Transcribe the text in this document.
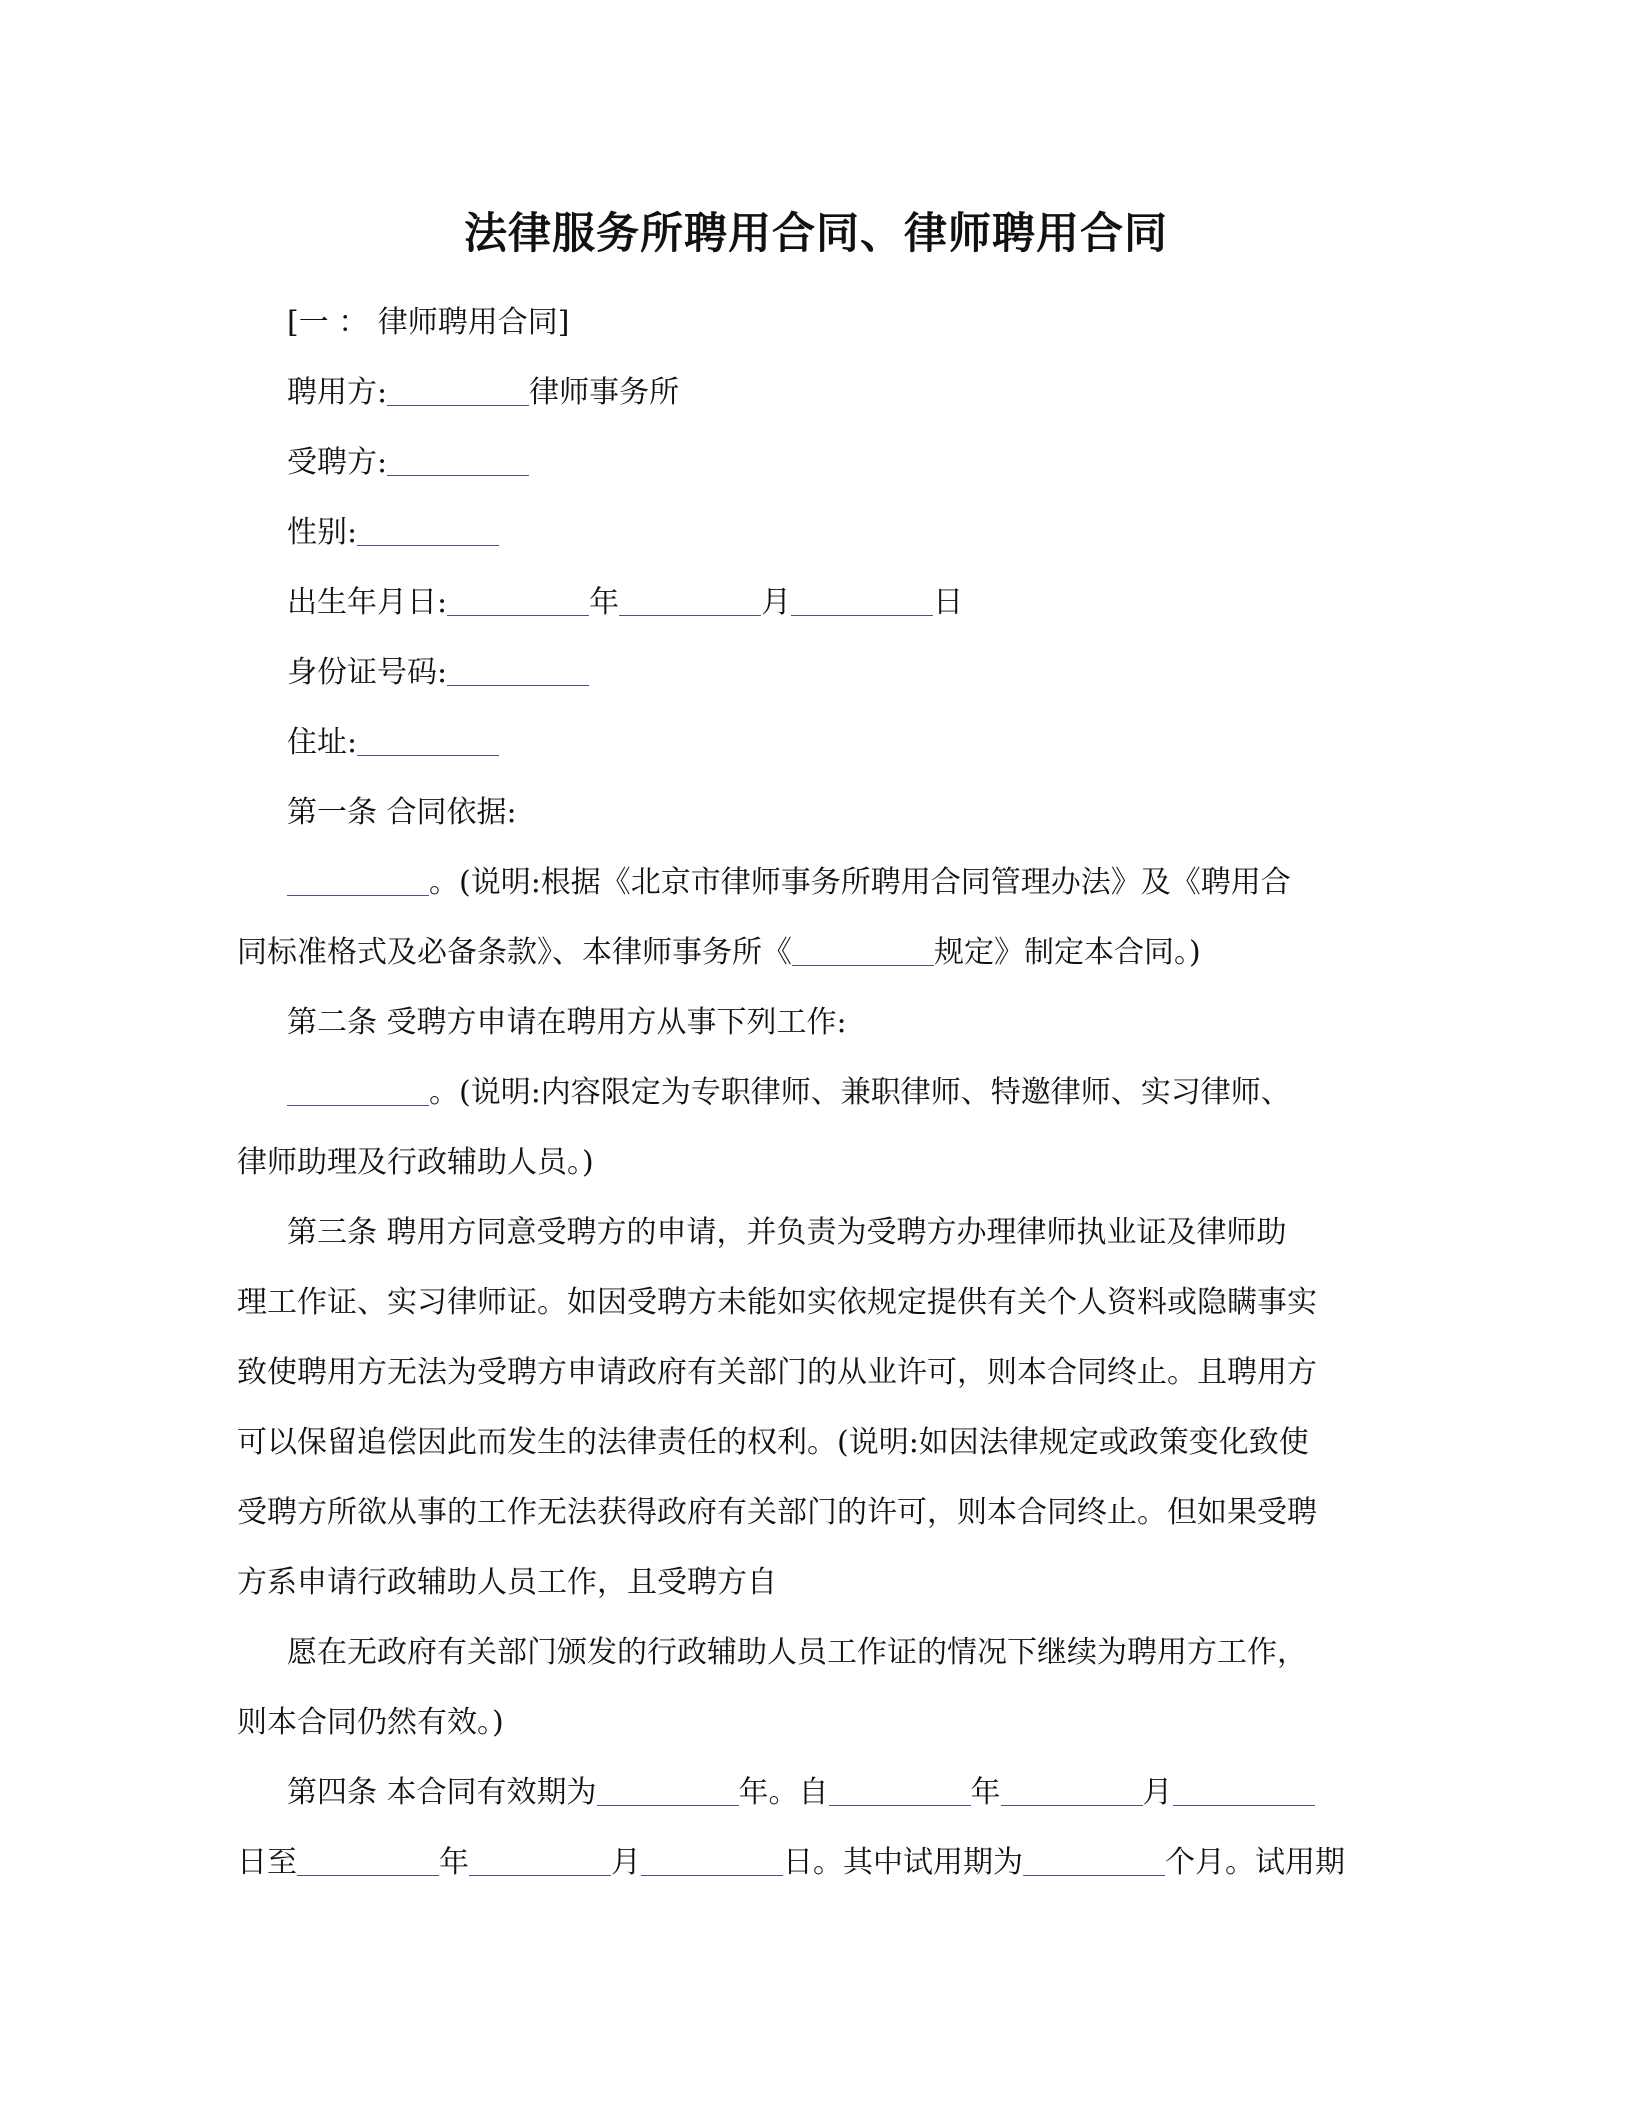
法律服务所聘用合同、律师聘用合同
[一 ： 律师聘用合同]
聘用方:	律师事务所
受聘方:
性别:
出生年月日:	年	月	日
身份证号码:
住址:
第一条 合同依据:
。(说明:根据《北京市律师事务所聘用合同管理办法》及《聘用合
同标准格式及必备条款》、本律师事务所《	规定》制定本合同。)
第二条 受聘方申请在聘用方从事下列工作:
。(说明:内容限定为专职律师、兼职律师、特邀律师、实习律师、
律师助理及行政辅助人员。)
第三条 聘用方同意受聘方的申请，并负责为受聘方办理律师执业证及律师助
理工作证、实习律师证。如因受聘方未能如实依规定提供有关个人资料或隐瞒事实
致使聘用方无法为受聘方申请政府有关部门的从业许可，则本合同终止。且聘用方
可以保留追偿因此而发生的法律责任的权利。(说明:如因法律规定或政策变化致使
受聘方所欲从事的工作无法获得政府有关部门的许可，则本合同终止。但如果受聘
方系申请行政辅助人员工作，且受聘方自
愿在无政府有关部门颁发的行政辅助人员工作证的情况下继续为聘用方工作，
则本合同仍然有效。)
第四条 本合同有效期为	年。自	年	月
日至	年	月	日。其中试用期为	个月。试用期
